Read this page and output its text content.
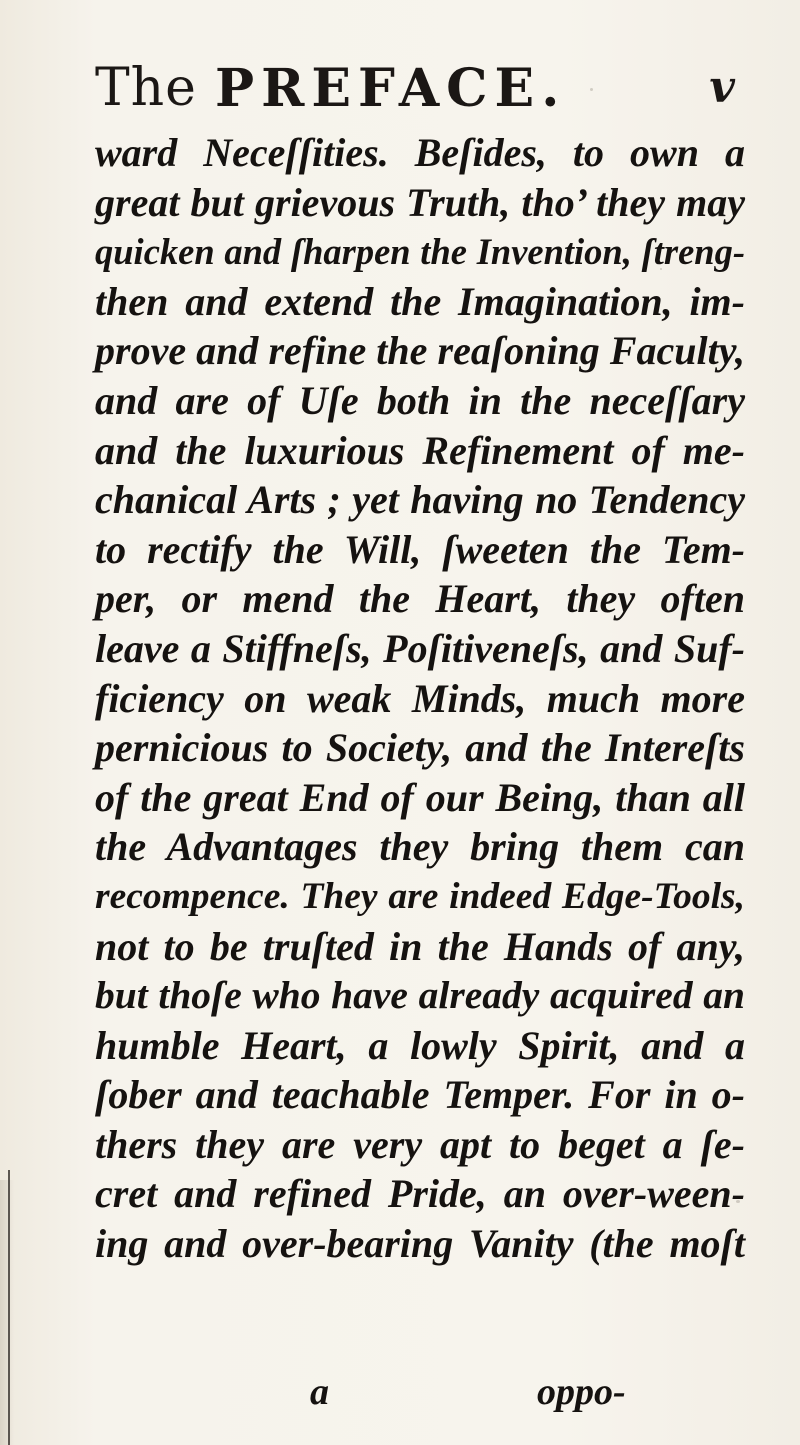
The PREFACE.	v
ward Neceſſities. Beſides, to own a
great but grievous Truth, tho’ they may
quicken and ſharpen the Invention, ſtreng-
then and extend the Imagination, im-
prove and refine the reaſoning Faculty,
and are of Uſe both in the neceſſary
and the luxurious Refinement of me-
chanical Arts ; yet having no Tendency
to rectify the Will, ſweeten the Tem-
per, or mend the Heart, they often
leave a Stiffneſs, Poſitiveneſs, and Suf-
ficiency on weak Minds, much more
pernicious to Society, and the Intereſts
of the great End of our Being, than all
the Advantages they bring them can
recompence. They are indeed Edge-Tools,
not to be truſted in the Hands of any,
but thoſe who have already acquired an
humble Heart, a lowly Spirit, and a
ſober and teachable Temper. For in o-
thers they are very apt to beget a ſe-
cret and refined Pride, an over-ween-
ing and over-bearing Vanity (the moſt
a	oppo-
